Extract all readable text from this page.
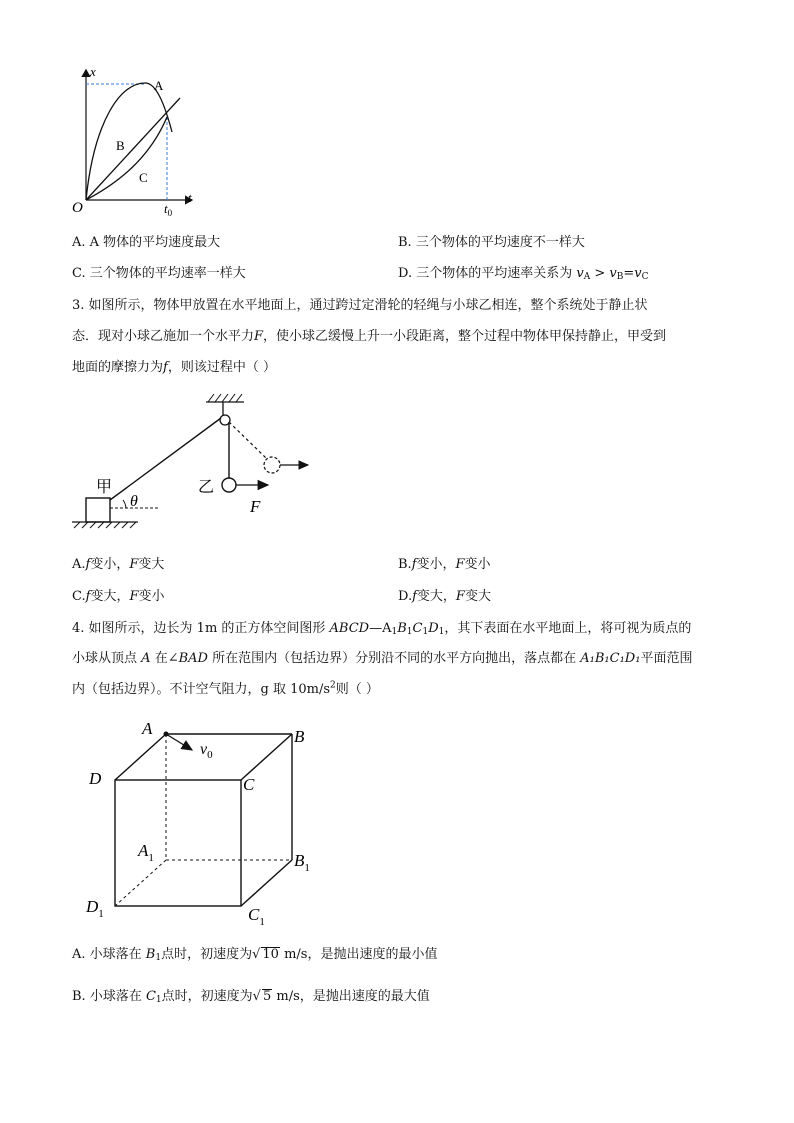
x
t
O
A
B
C
$t_0$
A. A 物体的平均速度最大	B. 三个物体的平均速度不一样大
C. 三个物体的平均速率一样大	D. 三个物体的平均速率关系为 $v_A > v_B=v_C$
3. 如图所示，物体甲放置在水平地面上，通过跨过定滑轮的轻绳与小球乙相连，整个系统处于静止状
态．现对小球乙施加一个水平力F，使小球乙缓慢上升一小段距离，整个过程中物体甲保持静止，甲受到
地面的摩擦力为f，则该过程中（ ）
甲
θ
乙
F
A.f变小，F变大	B.f变小，F变小
C.f变大，F变小	D.f变大，F变大
4. 如图所示，边长为 1m 的正方体空间图形 $ABCD—A_1B_1C_1D_1$，其下表面在水平地面上，将可视为质点的
小球从顶点 A 在∠BAD 所在范围内（包括边界）分别沿不同的水平方向抛出，落点都在 A₁B₁C₁D₁平面范围
内（包括边界）。不计空气阻力，g 取 $10m/s^2$则（ ）
A	B
C
D
$v_0$
$A_1$	$B_1$
$C_1$
$D_1$
A. 小球落在 $B_1$点时，初速度为√ 10 m/s，是抛出速度的最小值
B. 小球落在 $C_1$点时，初速度为√ 5 m/s，是抛出速度的最大值
